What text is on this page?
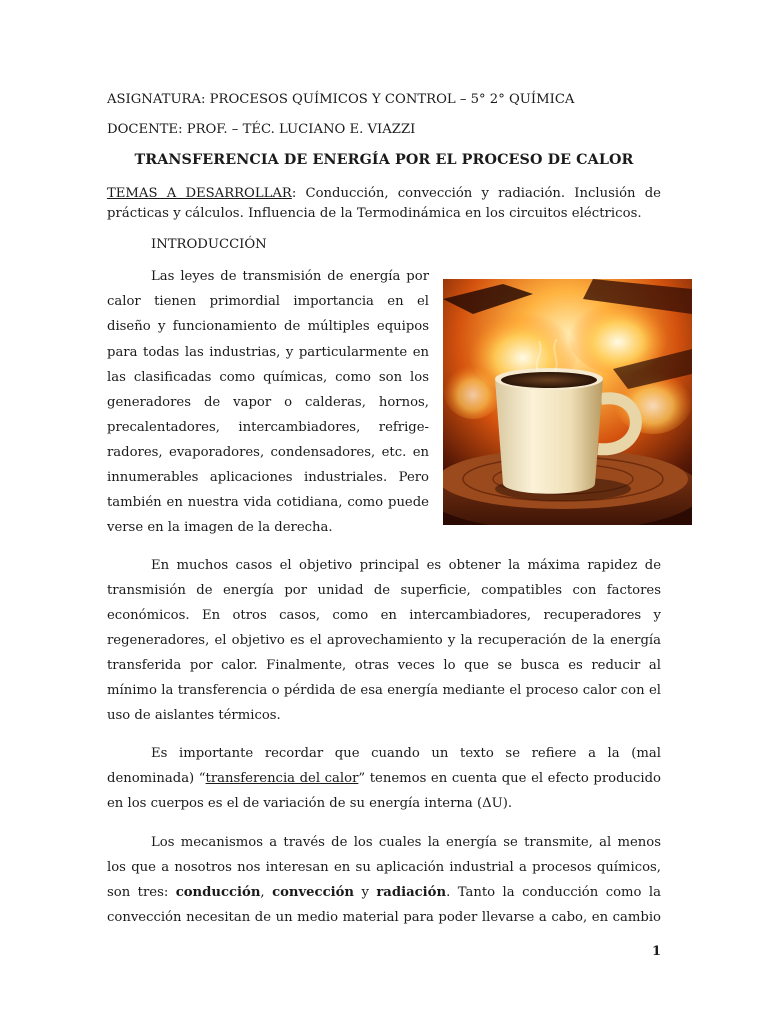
ASIGNATURA: PROCESOS QUÍMICOS Y CONTROL – 5° 2° QUÍMICA
DOCENTE: PROF. – TÉC. LUCIANO E. VIAZZI
TRANSFERENCIA DE ENERGÍA POR EL PROCESO DE CALOR
TEMAS A DESARROLLAR: Conducción, convección y radiación. Inclusión de
prácticas y cálculos. Influencia de la Termodinámica en los circuitos eléctricos.
INTRODUCCIÓN
Las leyes de transmisión de energía por
calor tienen primordial importancia en el
diseño y funcionamiento de múltiples equipos
para todas las industrias, y particularmente en
las clasificadas como químicas, como son los
generadores de vapor o calderas, hornos,
precalentadores, intercambiadores, refrige-
radores, evaporadores, condensadores, etc. en
innumerables aplicaciones industriales. Pero
también en nuestra vida cotidiana, como puede
verse en la imagen de la derecha.
En muchos casos el objetivo principal es obtener la máxima rapidez de
transmisión de energía por unidad de superficie, compatibles con factores
económicos. En otros casos, como en intercambiadores, recuperadores y
regeneradores, el objetivo es el aprovechamiento y la recuperación de la energía
transferida por calor. Finalmente, otras veces lo que se busca es reducir al
mínimo la transferencia o pérdida de esa energía mediante el proceso calor con el
uso de aislantes térmicos.
Es importante recordar que cuando un texto se refiere a la (mal
denominada) “transferencia del calor” tenemos en cuenta que el efecto producido
en los cuerpos es el de variación de su energía interna (ΔU).
Los mecanismos a través de los cuales la energía se transmite, al menos
los que a nosotros nos interesan en su aplicación industrial a procesos químicos,
son tres: conducción, convección y radiación. Tanto la conducción como la
convección necesitan de un medio material para poder llevarse a cabo, en cambio
1
